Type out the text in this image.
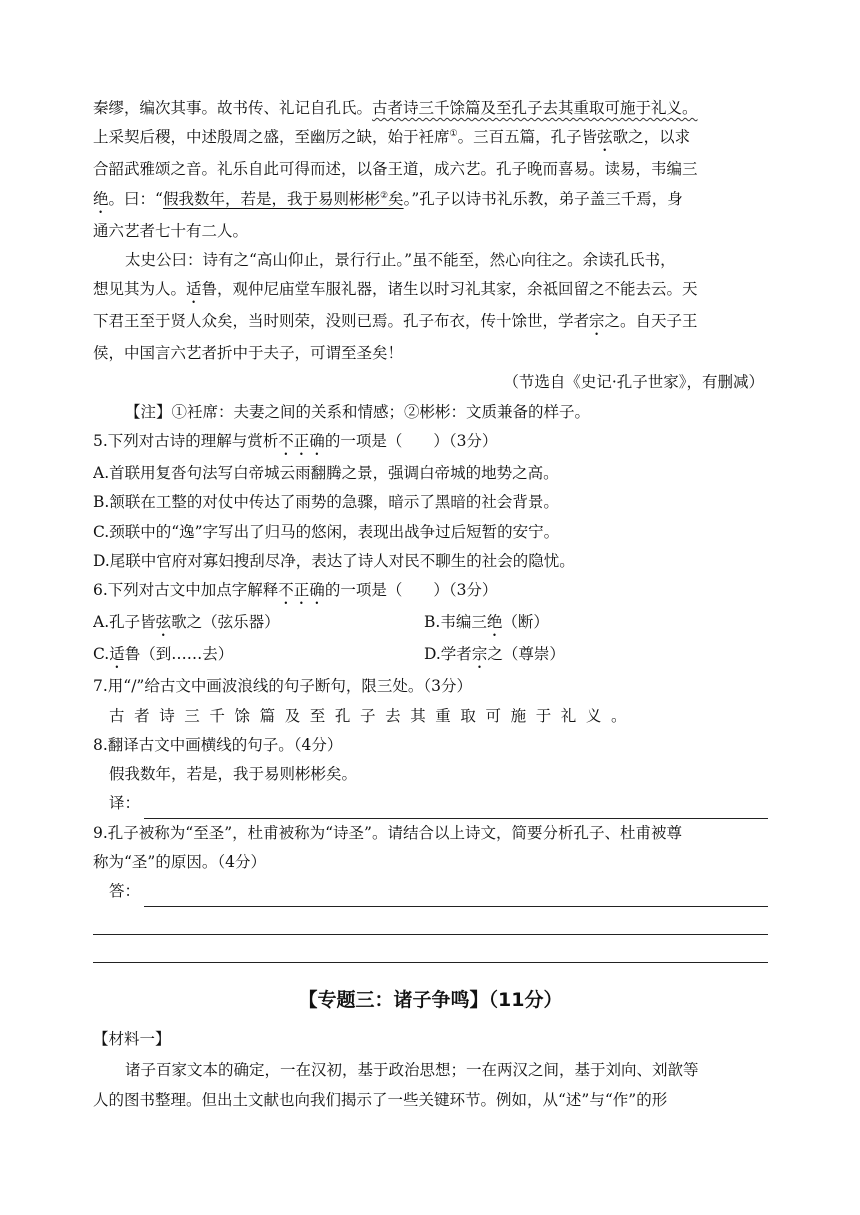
秦缪，编次其事。故书传、礼记自孔氏。古者诗三千馀篇及至孔子去其重取可施于礼义。
上采契后稷，中述殷周之盛，至幽厉之缺，始于衽席①。三百五篇，孔子皆弦歌之，以求
合韶武雅颂之音。礼乐自此可得而述，以备王道，成六艺。孔子晚而喜易。读易，韦编三
绝。曰：“假我数年，若是，我于易则彬彬②矣。”孔子以诗书礼乐教，弟子盖三千焉，身
通六艺者七十有二人。
太史公曰：诗有之“高山仰止，景行行止。”虽不能至，然心向往之。余读孔氏书，
想见其为人。适鲁，观仲尼庙堂车服礼器，诸生以时习礼其家，余祗回留之不能去云。天
下君王至于贤人众矣，当时则荣，没则已焉。孔子布衣，传十馀世，学者宗之。自天子王
侯，中国言六艺者折中于夫子，可谓至圣矣！
（节选自《史记·孔子世家》，有删减）
【注】①衽席：夫妻之间的关系和情感；②彬彬：文质兼备的样子。
5.下列对古诗的理解与赏析不正确的一项是（　　）（3分）
A.首联用复沓句法写白帝城云雨翻腾之景，强调白帝城的地势之高。
B.颔联在工整的对仗中传达了雨势的急骤，暗示了黑暗的社会背景。
C.颈联中的“逸”字写出了归马的悠闲，表现出战争过后短暂的安宁。
D.尾联中官府对寡妇搜刮尽净，表达了诗人对民不聊生的社会的隐忧。
6.下列对古文中加点字解释不正确的一项是（　　）（3分）
A.孔子皆弦歌之（弦乐器）	B.韦编三绝（断）
C.适鲁（到……去）	D.学者宗之（尊崇）
7.用“/”给古文中画波浪线的句子断句，限三处。（3分）
古者诗三千馀篇及至孔子去其重取可施于礼义。
8.翻译古文中画横线的句子。（4分）
假我数年，若是，我于易则彬彬矣。
译：
9.孔子被称为“至圣”，杜甫被称为“诗圣”。请结合以上诗文，简要分析孔子、杜甫被尊
称为“圣”的原因。（4分）
答：
【专题三：诸子争鸣】（11分）
【材料一】
诸子百家文本的确定，一在汉初，基于政治思想；一在两汉之间，基于刘向、刘歆等
人的图书整理。但出土文献也向我们揭示了一些关键环节。例如，从“述”与“作”的形
